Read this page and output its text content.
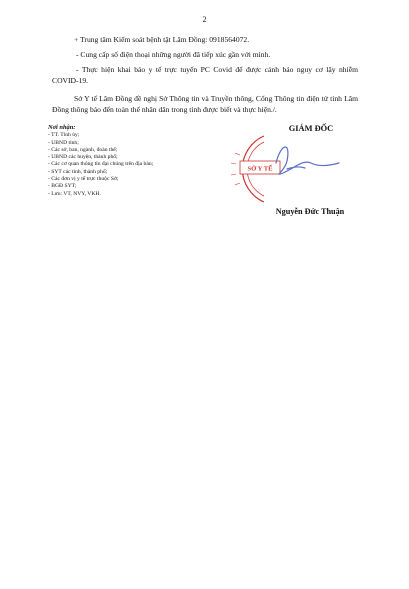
2
+ Trung tâm Kiểm soát bệnh tật Lâm Đồng: 0918564072.
- Cung cấp số điện thoại những người đã tiếp xúc gần với mình.
- Thực hiện khai báo y tế trực tuyến PC Covid để được cảnh báo nguy cơ lây nhiễm COVID-19.
Sở Y tế Lâm Đồng đề nghị Sở Thông tin và Truyền thông, Cổng Thông tin điện tử tỉnh Lâm Đồng thông báo đến toàn thể nhân dân trong tỉnh được biết và thực hiện./.
Nơi nhận:
- TT. Tỉnh ủy;
- UBND tỉnh;
- Các sở, ban, ngành, đoàn thể;
- UBND các huyện, thành phố;
- Các cơ quan thông tin đại chúng trên địa bàn;
- SYT các tỉnh, thành phố;
- Các đơn vị y tế trực thuộc Sở;
- BGĐ SYT;
- Lưu: VT, NVY, VKH.
GIÁM ĐỐC
SỞ Y TẾ
Nguyễn Đức Thuận
